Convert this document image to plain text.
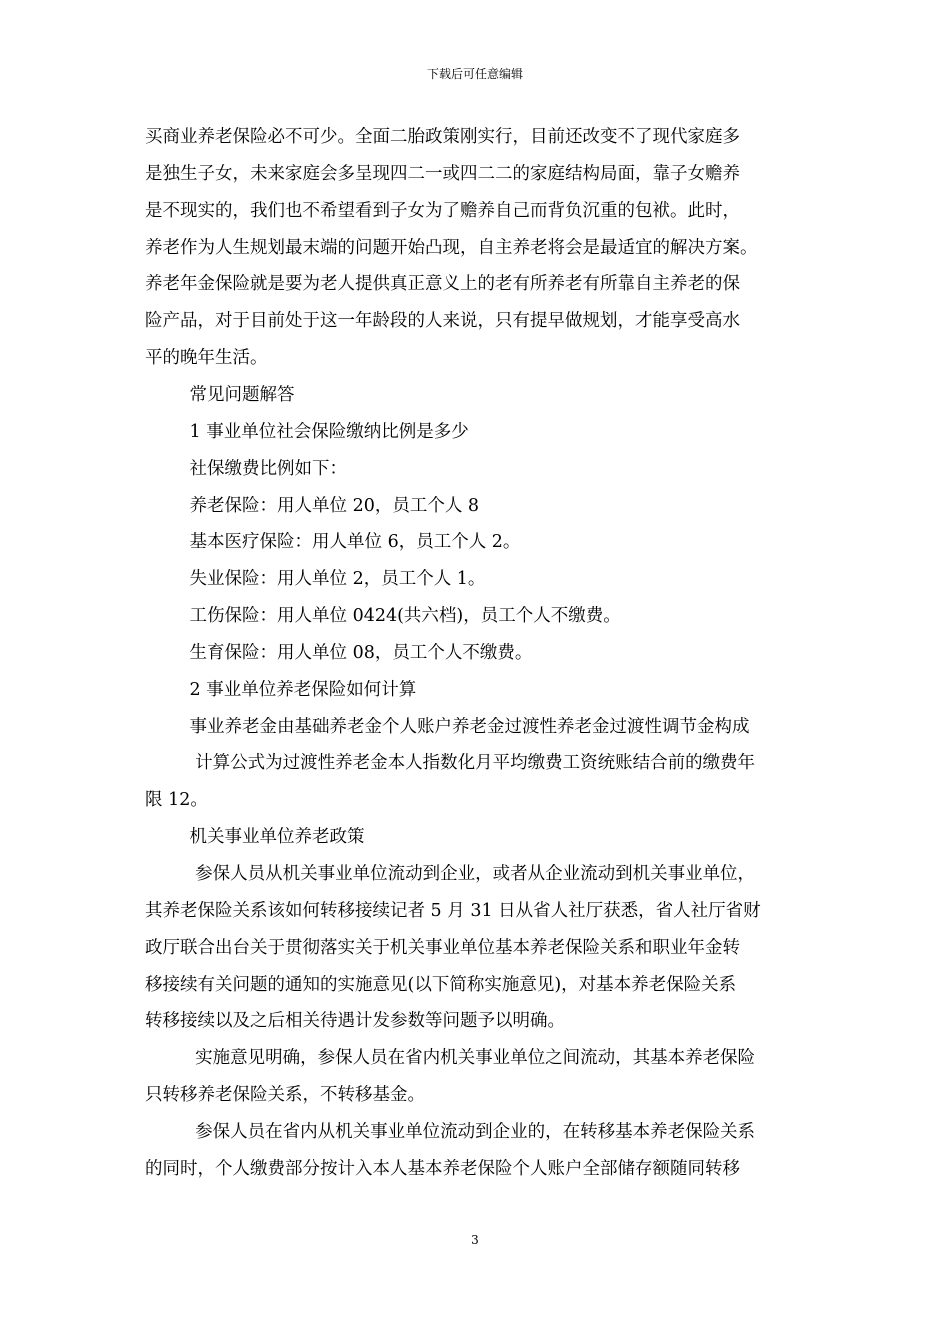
下载后可任意编辑
买商业养老保险必不可少。全面二胎政策刚实行，目前还改变不了现代家庭多
是独生子女，未来家庭会多呈现四二一或四二二的家庭结构局面，靠子女赡养
是不现实的，我们也不希望看到子女为了赡养自己而背负沉重的包袱。此时，
养老作为人生规划最末端的问题开始凸现，自主养老将会是最适宜的解决方案。
养老年金保险就是要为老人提供真正意义上的老有所养老有所靠自主养老的保
险产品，对于目前处于这一年龄段的人来说，只有提早做规划，才能享受高水
平的晚年生活。
常见问题解答
1 事业单位社会保险缴纳比例是多少
社保缴费比例如下：
养老保险：用人单位 20，员工个人 8
基本医疗保险：用人单位 6，员工个人 2。
失业保险：用人单位 2，员工个人 1。
工伤保险：用人单位 0424(共六档)，员工个人不缴费。
生育保险：用人单位 08，员工个人不缴费。
2 事业单位养老保险如何计算
事业养老金由基础养老金个人账户养老金过渡性养老金过渡性调节金构成
计算公式为过渡性养老金本人指数化月平均缴费工资统账结合前的缴费年
限 12。
机关事业单位养老政策
参保人员从机关事业单位流动到企业，或者从企业流动到机关事业单位，
其养老保险关系该如何转移接续记者 5 月 31 日从省人社厅获悉，省人社厅省财
政厅联合出台关于贯彻落实关于机关事业单位基本养老保险关系和职业年金转
移接续有关问题的通知的实施意见(以下简称实施意见)，对基本养老保险关系
转移接续以及之后相关待遇计发参数等问题予以明确。
实施意见明确，参保人员在省内机关事业单位之间流动，其基本养老保险
只转移养老保险关系，不转移基金。
参保人员在省内从机关事业单位流动到企业的，在转移基本养老保险关系
的同时，个人缴费部分按计入本人基本养老保险个人账户全部储存额随同转移
3
